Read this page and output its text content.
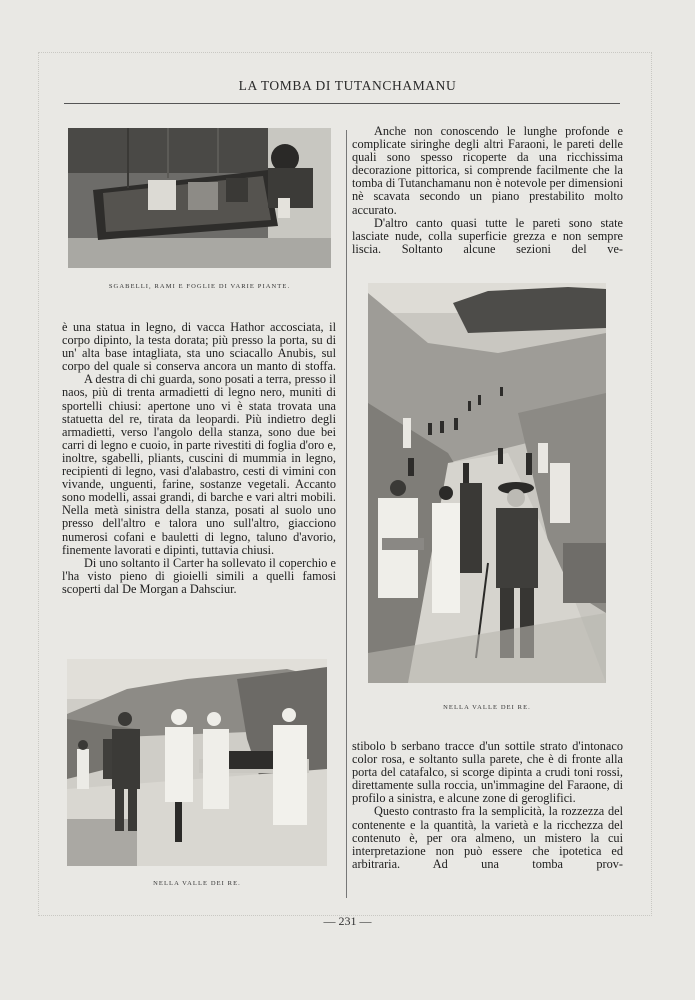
LA TOMBA DI TUTANCHAMANU
SGABELLI, RAMI E FOGLIE DI VARIE PIANTE.
NELLA VALLE DEI RE.
NELLA VALLE DEI RE.

Anche non conoscendo le lunghe profonde e complicate siringhe degli altri Faraoni, le pareti delle quali sono spesso ricoperte da una ricchissima decorazione pittorica, si comprende facilmente che la tomba di Tutanchamanu non è notevole per dimensioni nè scavata secondo un piano prestabilito molto accurato.

D'altro canto quasi tutte le pareti sono state lasciate nude, colla superficie grezza e non sempre liscia. Soltanto alcune sezioni del ve-

è una statua in legno, di vacca Hathor accosciata, il corpo dipinto, la testa dorata; più presso la porta, su di un' alta base intagliata, sta uno sciacallo Anubis, sul corpo del quale si conserva ancora un manto di stoffa.

A destra di chi guarda, sono posati a terra, presso il naos, più di trenta armadietti di legno nero, muniti di sportelli chiusi: apertone uno vi è stata trovata una statuetta del re, tirata da leopardi. Più indietro degli armadietti, verso l'angolo della stanza, sono due bei carri di legno e cuoio, in parte rivestiti di foglia d'oro e, inoltre, sgabelli, pliants, cuscini di mummia in legno, recipienti di legno, vasi d'alabastro, cesti di vimini con vivande, unguenti, farine, sostanze vegetali. Accanto sono modelli, assai grandi, di barche e vari altri mobili. Nella metà sinistra della stanza, posati al suolo uno presso dell'altro e talora uno sull'altro, giacciono numerosi cofani e bauletti di legno, taluno d'avorio, finemente lavorati e dipinti, tuttavia chiusi.

Di uno soltanto il Carter ha sollevato il coperchio e l'ha visto pieno di gioielli simili a quelli famosi scoperti dal De Morgan a Dahsciur.

stibolo b serbano tracce d'un sottile strato d'intonaco color rosa, e soltanto sulla parete, che è di fronte alla porta del catafalco, si scorge dipinta a crudi toni rossi, direttamente sulla roccia, un'immagine del Faraone, di profilo a sinistra, e alcune zone di geroglifici.

Questo contrasto fra la semplicità, la rozzezza del contenente e la quantità, la varietà e la ricchezza del contenuto è, per ora almeno, un mistero la cui interpretazione non può essere che ipotetica ed arbitraria. Ad una tomba prov-

— 231 —
